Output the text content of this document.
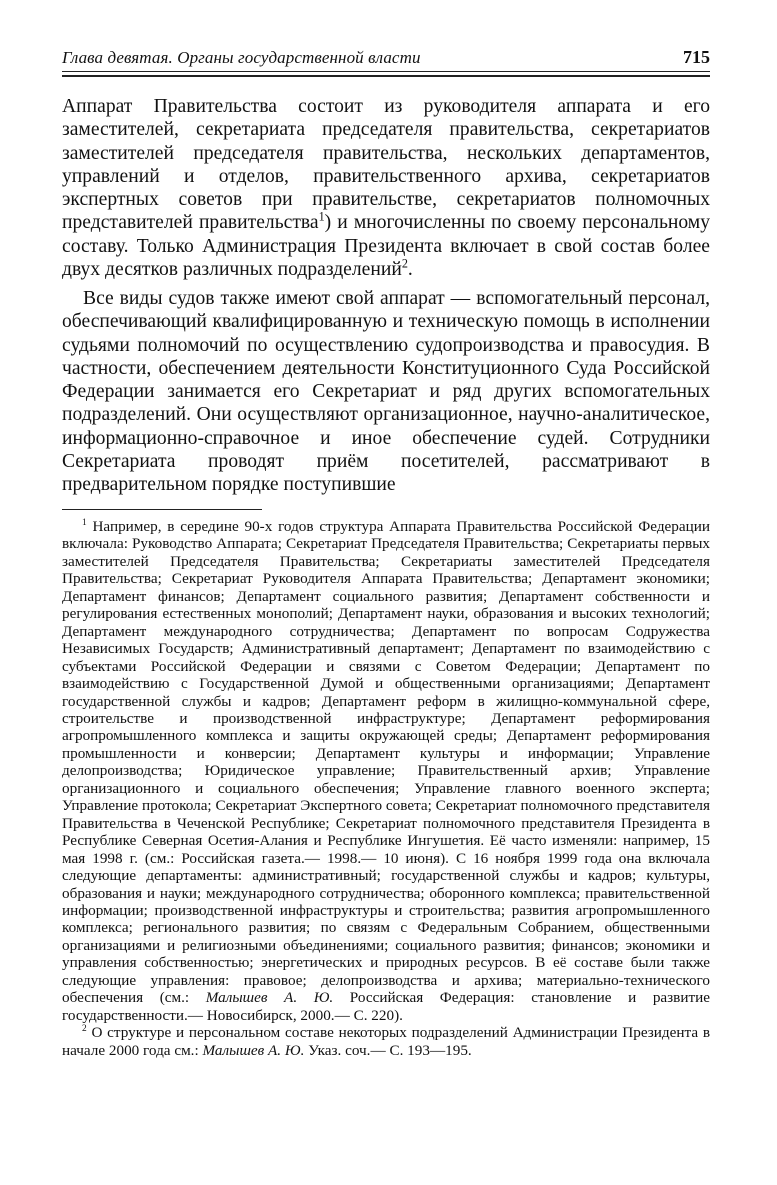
Глава девятая. Органы государственной власти	715

Аппарат Правительства состоит из руководителя аппарата и его заместителей, секретариата председателя правительства, секретариатов заместителей председателя правительства, нескольких департаментов, управлений и отделов, правительственного архива, секретариатов экспертных советов при правительстве, секретариатов полномочных представителей правительства$^1$) и многочисленны по своему персональному составу. Только Администрация Президента включает в свой состав более двух десятков различных подразделений$^2$.

Все виды судов также имеют свой аппарат — вспомогательный персонал, обеспечивающий квалифицированную и техническую помощь в исполнении судьями полномочий по осуществлению судопроизводства и правосудия. В частности, обеспечением деятельности Конституционного Суда Российской Федерации занимается его Секретариат и ряд других вспомогательных подразделений. Они осуществляют организационное, научно-аналитическое, информационно-справочное и иное обеспечение судей. Сотрудники Секретариата проводят приём посетителей, рассматривают в предварительном порядке поступившие

$^1$ Например, в середине 90-х годов структура Аппарата Правительства Российской Федерации включала: Руководство Аппарата; Секретариат Председателя Правительства; Секретариаты первых заместителей Председателя Правительства; Секретариаты заместителей Председателя Правительства; Секретариат Руководителя Аппарата Правительства; Департамент экономики; Департамент финансов; Департамент социального развития; Департамент собственности и регулирования естественных монополий; Департамент науки, образования и высоких технологий; Департамент международного сотрудничества; Департамент по вопросам Содружества Независимых Государств; Административный департамент; Департамент по взаимодействию с субъектами Российской Федерации и связями с Советом Федерации; Департамент по взаимодействию с Государственной Думой и общественными организациями; Департамент государственной службы и кадров; Департамент реформ в жилищно-коммунальной сфере, строительстве и производственной инфраструктуре; Департамент реформирования агропромышленного комплекса и защиты окружающей среды; Департамент реформирования промышленности и конверсии; Департамент культуры и информации; Управление делопроизводства; Юридическое управление; Правительственный архив; Управление организационного и социального обеспечения; Управление главного военного эксперта; Управление протокола; Секретариат Экспертного совета; Секретариат полномочного представителя Правительства в Чеченской Республике; Секретариат полномочного представителя Президента в Республике Северная Осетия-Алания и Республике Ингушетия. Её часто изменяли: например, 15 мая 1998 г. (см.: Российская газета.— 1998.— 10 июня). С 16 ноября 1999 года она включала следующие департаменты: административный; государственной службы и кадров; культуры, образования и науки; международного сотрудничества; оборонного комплекса; правительственной информации; производственной инфраструктуры и строительства; развития агропромышленного комплекса; регионального развития; по связям с Федеральным Собранием, общественными организациями и религиозными объединениями; социального развития; финансов; экономики и управления собственностью; энергетических и природных ресурсов. В её составе были также следующие управления: правовое; делопроизводства и архива; материально-технического обеспечения (см.: Малышев А. Ю. Российская Федерация: становление и развитие государственности.— Новосибирск, 2000.— С. 220).

$^2$ О структуре и персональном составе некоторых подразделений Администрации Президента в начале 2000 года см.: Малышев А. Ю. Указ. соч.— С. 193—195.
